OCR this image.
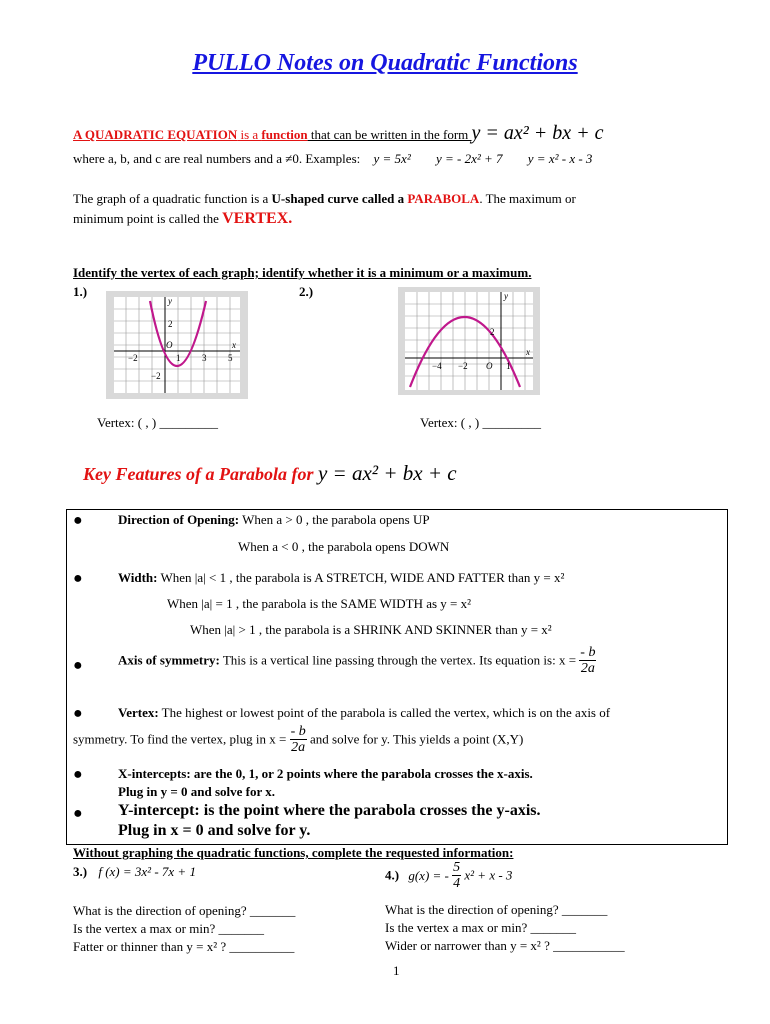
PULLO Notes on Quadratic Functions
A QUADRATIC EQUATION is a function that can be written in the form y = ax² + bx + c
where a, b, and c are real numbers and a ≠0. Examples: y = 5x² y = - 2x² + 7 y = x² - x - 3
The graph of a quadratic function is a U-shaped curve called a PARABOLA. The maximum or
minimum point is called the VERTEX.
Identify the vertex of each graph; identify whether it is a minimum or a maximum.
1.)	2.)
y
2
O	x
−2	1 3 5
−2
y
2
x
−4 −2 O 1
Vertex: ( , ) _________	Vertex: ( , ) _________
Key Features of a Parabola for y = ax² + bx + c
●	Direction of Opening: When a > 0 , the parabola opens UP
When a < 0 , the parabola opens DOWN
●	Width: When |a| < 1 , the parabola is A STRETCH, WIDE AND FATTER than y = x²
When |a| = 1 , the parabola is the SAME WIDTH as y = x²
When |a| > 1 , the parabola is a SHRINK AND SKINNER than y = x²
●	Axis of symmetry: This is a vertical line passing through the vertex. Its equation is: $x = \frac{- b}{2a}$
●	Vertex: The highest or lowest point of the parabola is called the vertex, which is on the axis of
symmetry. To find the vertex, plug in $x = \frac{- b}{2a}$ and solve for y. This yields a point (X,Y)
●	X-intercepts: are the 0, 1, or 2 points where the parabola crosses the x-axis.
Plug in y = 0 and solve for x.
● Y-intercept: is the point where the parabola crosses the y-axis.
Plug in x = 0 and solve for y.
Without graphing the quadratic functions, complete the requested information:
3.) f (x) = 3x² - 7x + 1	4.) g(x) = - $\frac{5}{4} x^2 + x - 3$
What is the direction of opening? _______
Is the vertex a max or min? _______
Fatter or thinner than y = x² ? __________
What is the direction of opening? _______
Is the vertex a max or min? _______
Wider or narrower than y = x² ? ___________
1
